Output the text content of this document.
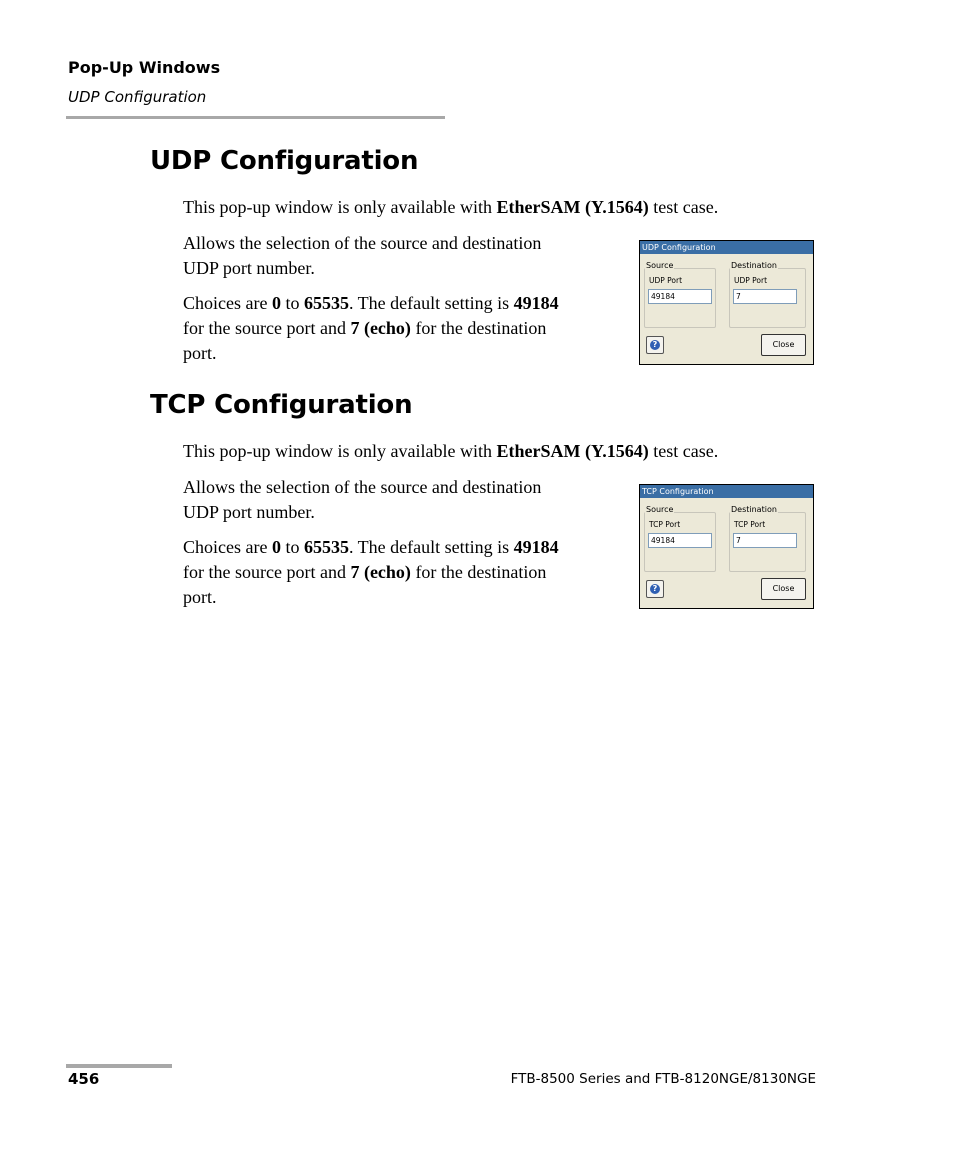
Pop-Up Windows
UDP Configuration
UDP Configuration
This pop-up window is only available with EtherSAM (Y.1564) test case.
Allows the selection of the source and destination
UDP port number.
Choices are 0 to 65535. The default setting is 49184
for the source port and 7 (echo) for the destination
port.
UDP Configuration
Source
UDP Port
49184
Destination
UDP Port
7
?	Close
TCP Configuration
This pop-up window is only available with EtherSAM (Y.1564) test case.
Allows the selection of the source and destination
UDP port number.
Choices are 0 to 65535. The default setting is 49184
for the source port and 7 (echo) for the destination
port.
TCP Configuration
Source
TCP Port
49184
Destination
TCP Port
7
?	Close
456	FTB-8500 Series and FTB-8120NGE/8130NGE
